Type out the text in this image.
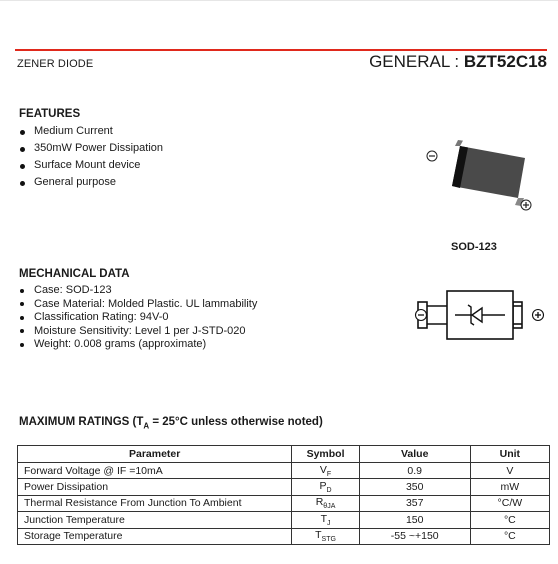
ZENER DIODE	GENERAL : BZT52C18
FEATURES
Medium Current
350mW Power Dissipation
Surface Mount device
General purpose
SOD-123
MECHANICAL DATA
Case: SOD-123
Case Material: Molded Plastic. UL lammability
Classification Rating: 94V-0
Moisture Sensitivity: Level 1 per J-STD-020
Weight: 0.008 grams (approximate)
MAXIMUM RATINGS ($T_A = 25^\circ C$ unless otherwise noted)
Parameter	Symbol	Value	Unit
Forward Voltage @ IF =10mA	$V_F$	0.9	V
Power Dissipation	$P_D$	350	mW
Thermal Resistance From Junction To Ambient	$R_{\theta JA}$	357	°C/W
Junction Temperature	$T_J$	150	°C
Storage Temperature	$T_{STG}$	-55 ~+150	°C
